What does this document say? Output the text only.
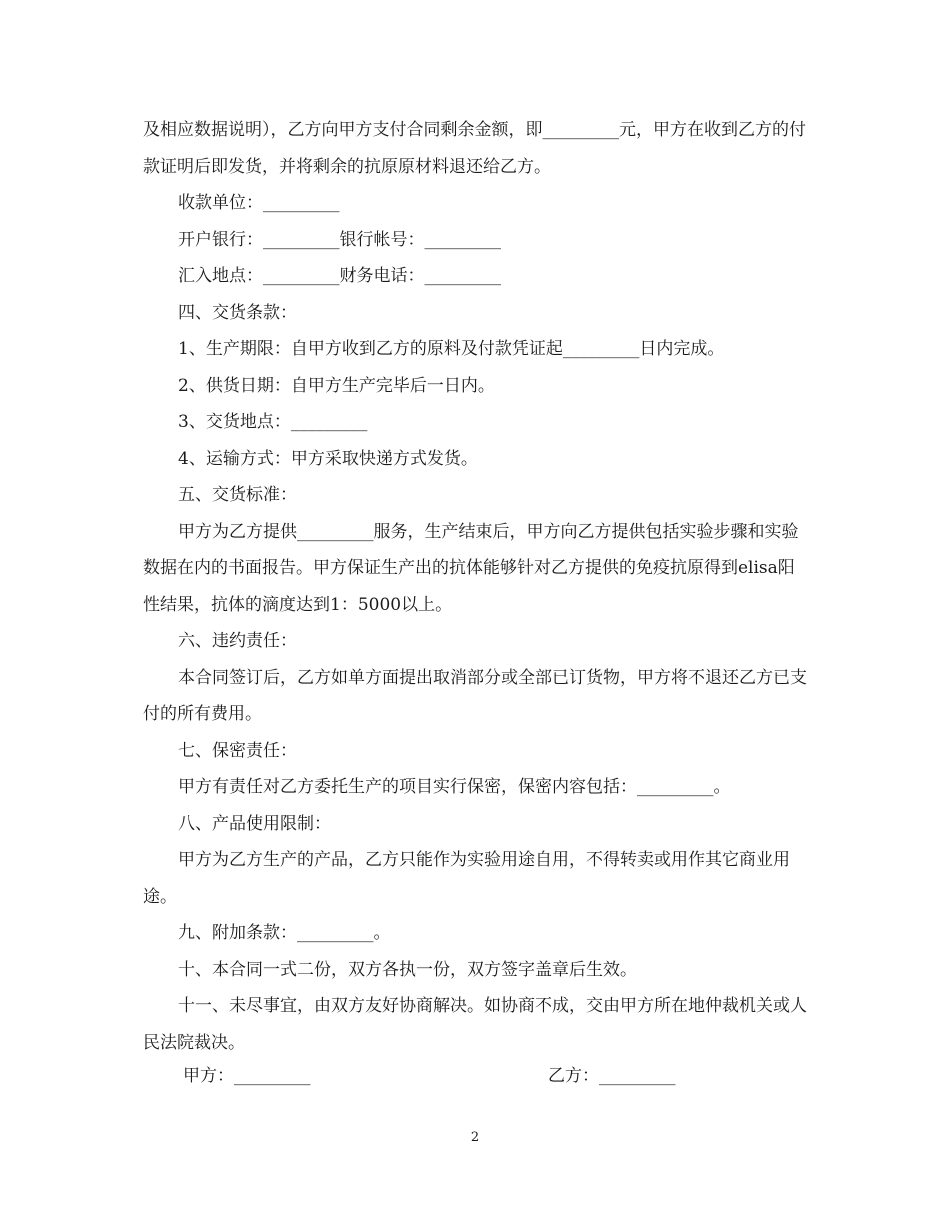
及相应数据说明），乙方向甲方支付合同剩余金额，即_________元，甲方在收到乙方的付款证明后即发货，并将剩余的抗原原材料退还给乙方。

收款单位：_________

开户银行：_________银行帐号：_________

汇入地点：_________财务电话：_________

四、交货条款：

1、生产期限：自甲方收到乙方的原料及付款凭证起_________日内完成。

2、供货日期：自甲方生产完毕后一日内。

3、交货地点：_________

4、运输方式：甲方采取快递方式发货。

五、交货标准：

甲方为乙方提供_________服务，生产结束后，甲方向乙方提供包括实验步骤和实验数据在内的书面报告。甲方保证生产出的抗体能够针对乙方提供的免疫抗原得到elisa阳性结果，抗体的滴度达到1：5000以上。

六、违约责任：

本合同签订后，乙方如单方面提出取消部分或全部已订货物，甲方将不退还乙方已支付的所有费用。

七、保密责任：

甲方有责任对乙方委托生产的项目实行保密，保密内容包括：_________。

八、产品使用限制：

甲方为乙方生产的产品，乙方只能作为实验用途自用，不得转卖或用作其它商业用途。

九、附加条款：_________。

十、本合同一式二份，双方各执一份，双方签字盖章后生效。

十一、未尽事宜，由双方友好协商解决。如协商不成，交由甲方所在地仲裁机关或人民法院裁决。

甲方：_________	乙方：_________
2
